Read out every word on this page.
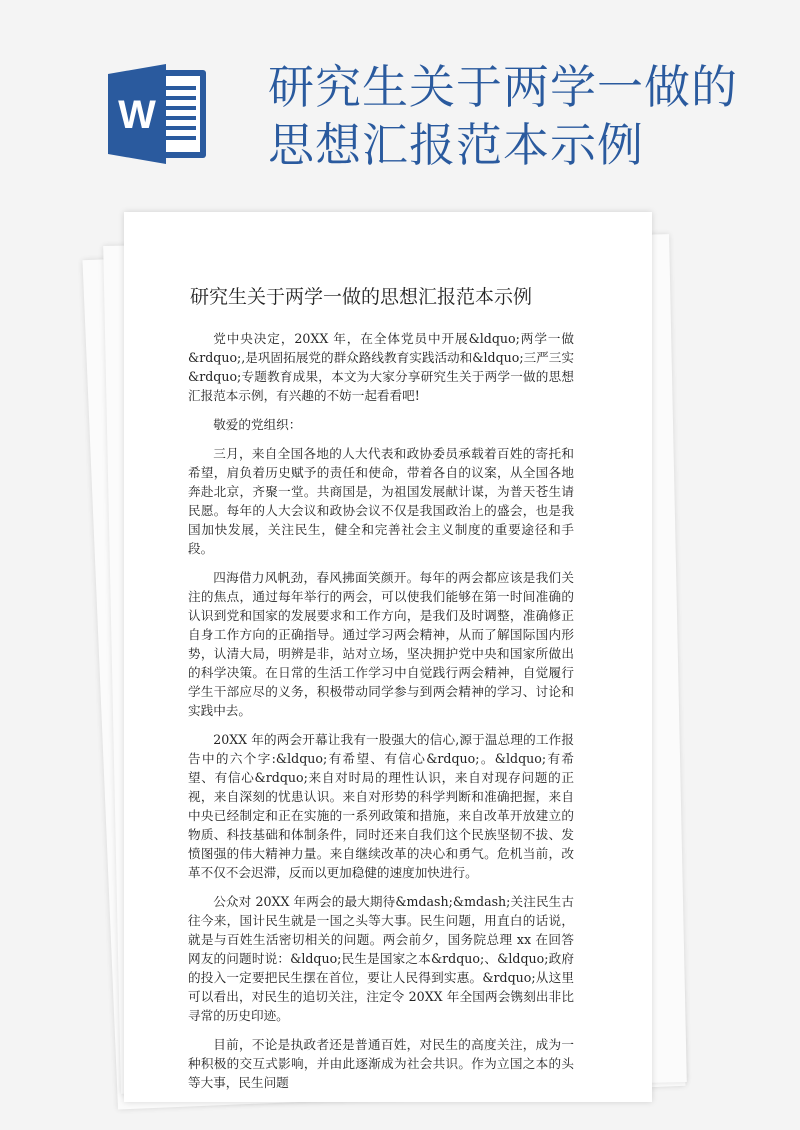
W
研究生关于两学一做的
思想汇报范本示例
研究生关于两学一做的思想汇报范本示例

党中央决定，20XX 年，在全体党员中开展&ldquo;两学一做&rdquo;,是巩固拓展党的群众路线教育实践活动和&ldquo;三严三实&rdquo;专题教育成果，本文为大家分享研究生关于两学一做的思想汇报范本示例，有兴趣的不妨一起看看吧!

敬爱的党组织：

三月，来自全国各地的人大代表和政协委员承载着百姓的寄托和希望，肩负着历史赋予的责任和使命，带着各自的议案，从全国各地奔赴北京，齐聚一堂。共商国是，为祖国发展献计谋，为普天苍生请民愿。每年的人大会议和政协会议不仅是我国政治上的盛会，也是我国加快发展，关注民生，健全和完善社会主义制度的重要途径和手段。

四海借力风帆劲，春风拂面笑颜开。每年的两会都应该是我们关注的焦点，通过每年举行的两会，可以使我们能够在第一时间准确的认识到党和国家的发展要求和工作方向，是我们及时调整，准确修正自身工作方向的正确指导。通过学习两会精神，从而了解国际国内形势，认清大局，明辨是非，站对立场，坚决拥护党中央和国家所做出的科学决策。在日常的生活工作学习中自觉践行两会精神，自觉履行学生干部应尽的义务，积极带动同学参与到两会精神的学习、讨论和实践中去。

20XX 年的两会开幕让我有一股强大的信心,源于温总理的工作报告中的六个字:&ldquo;有希望、有信心&rdquo;。&ldquo;有希望、有信心&rdquo;来自对时局的理性认识，来自对现存问题的正视，来自深刻的忧患认识。来自对形势的科学判断和准确把握，来自中央已经制定和正在实施的一系列政策和措施，来自改革开放建立的物质、科技基础和体制条件，同时还来自我们这个民族坚韧不拔、发愤图强的伟大精神力量。来自继续改革的决心和勇气。危机当前，改革不仅不会迟滞，反而以更加稳健的速度加快进行。

公众对 20XX 年两会的最大期待&mdash;&mdash;关注民生古往今来，国计民生就是一国之头等大事。民生问题，用直白的话说，就是与百姓生活密切相关的问题。两会前夕，国务院总理 xx 在回答网友的问题时说：&ldquo;民生是国家之本&rdquo;、&ldquo;政府的投入一定要把民生摆在首位，要让人民得到实惠。&rdquo;从这里可以看出，对民生的追切关注，注定令 20XX 年全国两会镌刻出非比寻常的历史印迹。

目前，不论是执政者还是普通百姓，对民生的高度关注，成为一种积极的交互式影响，并由此逐渐成为社会共识。作为立国之本的头等大事，民生问题
